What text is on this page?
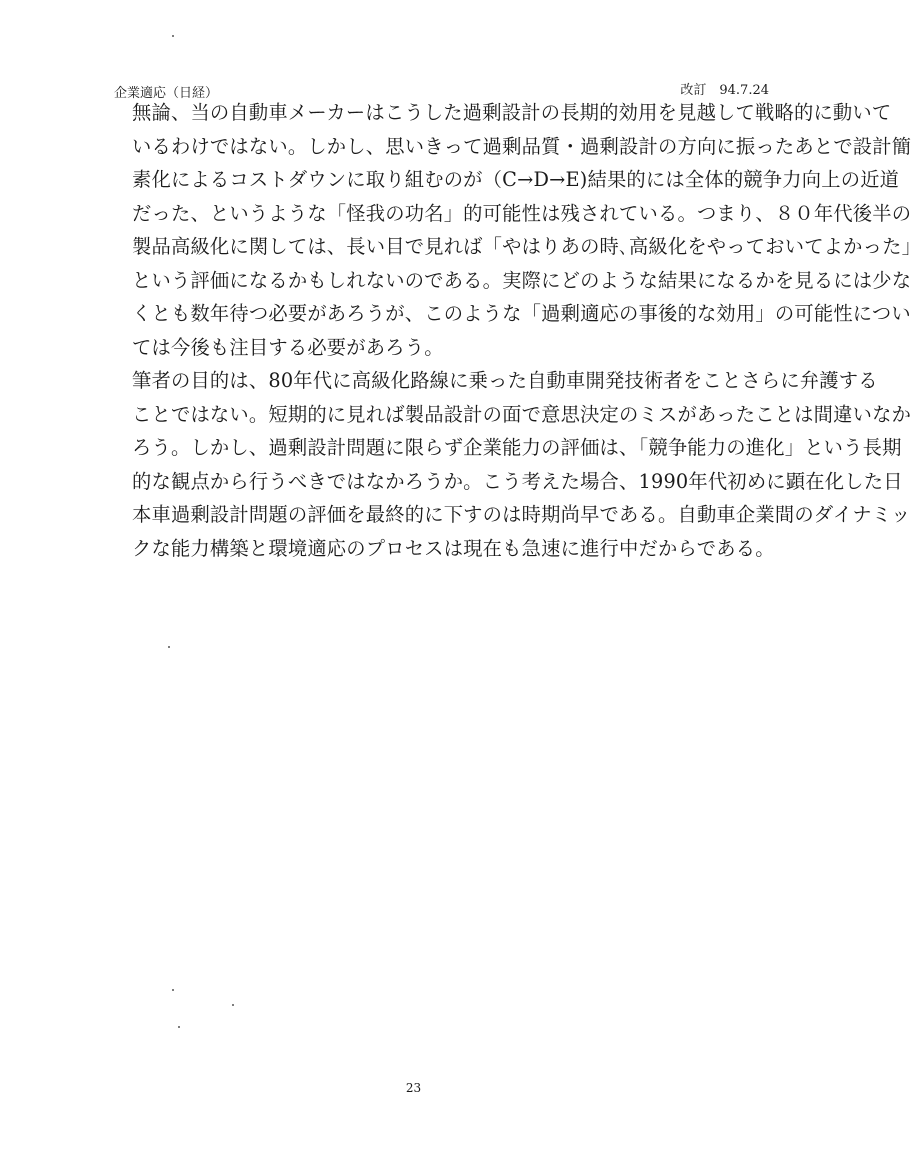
企業適応（日経）	改訂　94.7.24

無論、当の自動車メーカーはこうした過剰設計の長期的効用を見越して戦略的に動いて
いるわけではない。しかし、思いきって過剰品質・過剰設計の方向に振ったあとで設計簡
素化によるコストダウンに取り組むのが（C→D→E)結果的には全体的競争力向上の近道
だった、というような「怪我の功名」的可能性は残されている。つまり、８０年代後半の
製品高級化に関しては、長い目で見れば「やはりあの時､高級化をやっておいてよかった」
という評価になるかもしれないのである。実際にどのような結果になるかを見るには少な
くとも数年待つ必要があろうが、このような「過剰適応の事後的な効用」の可能性につい
ては今後も注目する必要があろう。

筆者の目的は、80年代に高級化路線に乗った自動車開発技術者をことさらに弁護する
ことではない。短期的に見れば製品設計の面で意思決定のミスがあったことは間違いなか
ろう。しかし、過剰設計問題に限らず企業能力の評価は、「競争能力の進化」という長期
的な観点から行うべきではなかろうか。こう考えた場合、1990年代初めに顕在化した日
本車過剰設計問題の評価を最終的に下すのは時期尚早である。自動車企業間のダイナミッ
クな能力構築と環境適応のプロセスは現在も急速に進行中だからである。

23
